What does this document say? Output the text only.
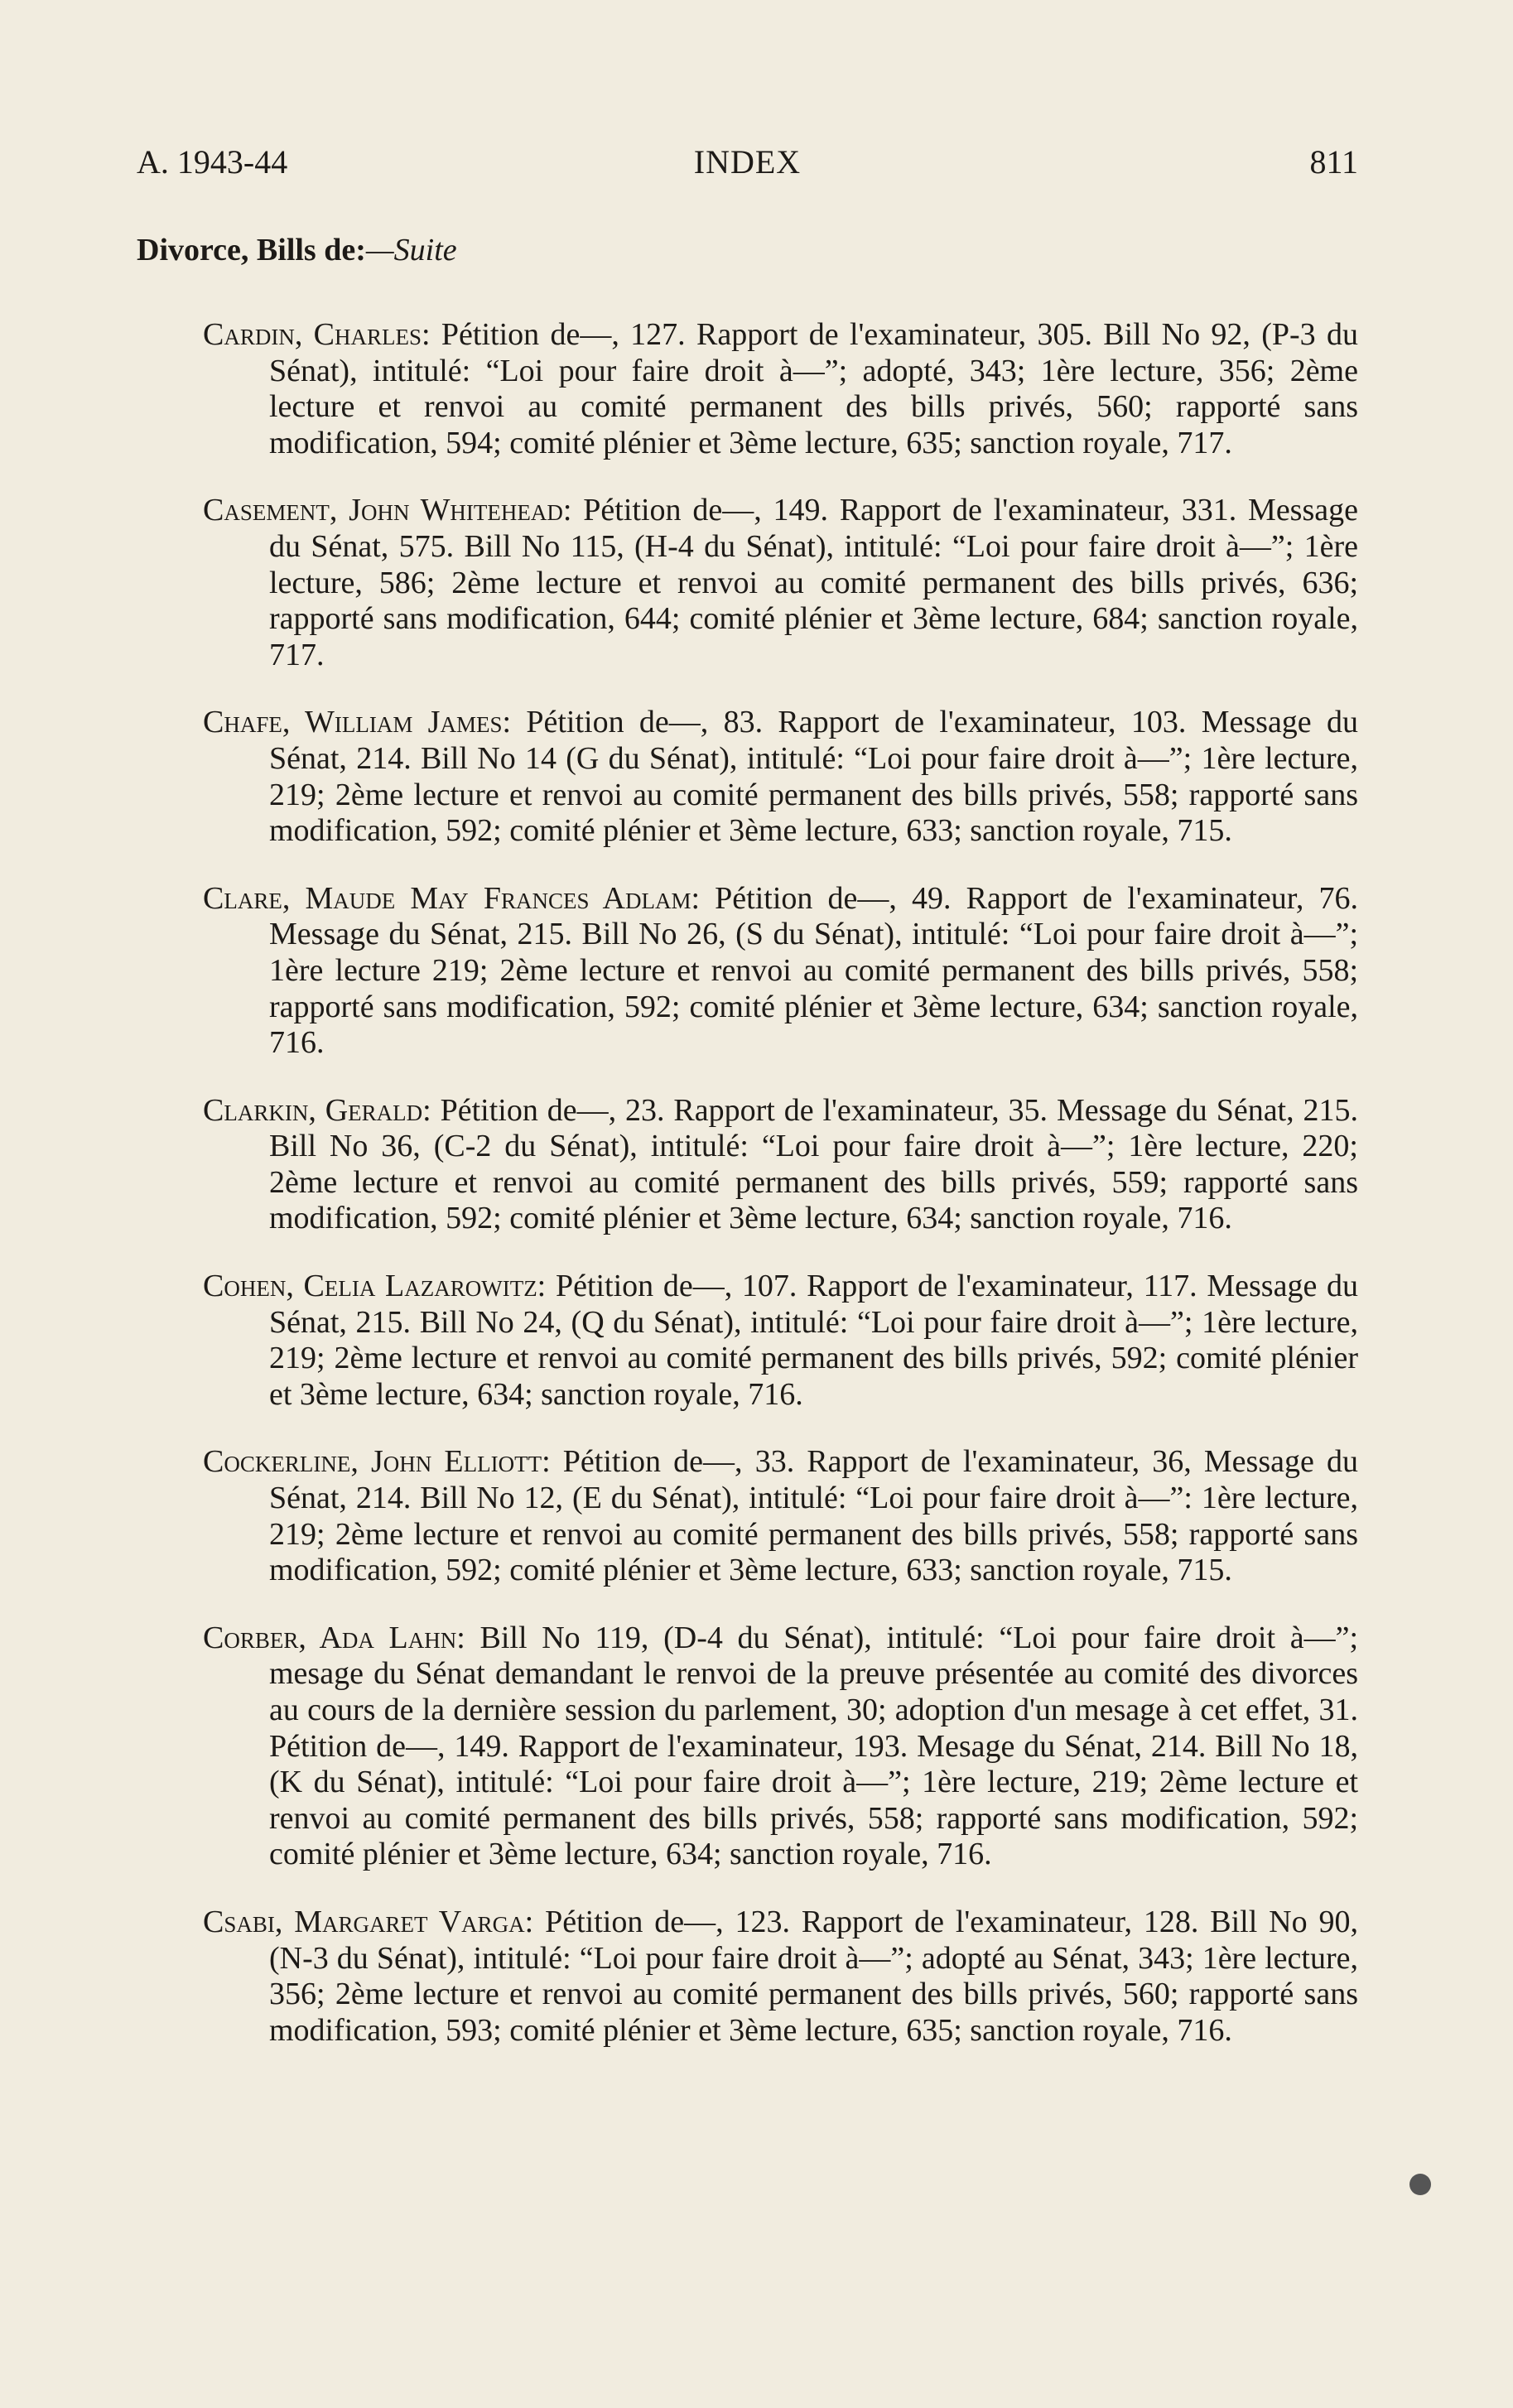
A. 1943-44	INDEX	811
Divorce, Bills de:—Suite

Cardin, Charles: Pétition de—, 127. Rapport de l'examinateur, 305. Bill No 92, (P-3 du Sénat), intitulé: “Loi pour faire droit à—”; adopté, 343; 1ère lecture, 356; 2ème lecture et renvoi au comité permanent des bills privés, 560; rapporté sans modification, 594; comité plénier et 3ème lecture, 635; sanction royale, 717.

Casement, John Whitehead: Pétition de—, 149. Rapport de l'examinateur, 331. Message du Sénat, 575. Bill No 115, (H-4 du Sénat), intitulé: “Loi pour faire droit à—”; 1ère lecture, 586; 2ème lecture et renvoi au comité permanent des bills privés, 636; rapporté sans modification, 644; comité plénier et 3ème lecture, 684; sanction royale, 717.

Chafe, William James: Pétition de—, 83. Rapport de l'examinateur, 103. Message du Sénat, 214. Bill No 14 (G du Sénat), intitulé: “Loi pour faire droit à—”; 1ère lecture, 219; 2ème lecture et renvoi au comité permanent des bills privés, 558; rapporté sans modification, 592; comité plénier et 3ème lecture, 633; sanction royale, 715.

Clare, Maude May Frances Adlam: Pétition de—, 49. Rapport de l'examinateur, 76. Message du Sénat, 215. Bill No 26, (S du Sénat), intitulé: “Loi pour faire droit à—”; 1ère lecture 219; 2ème lecture et renvoi au comité permanent des bills privés, 558; rapporté sans modification, 592; comité plénier et 3ème lecture, 634; sanction royale, 716.

Clarkin, Gerald: Pétition de—, 23. Rapport de l'examinateur, 35. Message du Sénat, 215. Bill No 36, (C-2 du Sénat), intitulé: “Loi pour faire droit à—”; 1ère lecture, 220; 2ème lecture et renvoi au comité permanent des bills privés, 559; rapporté sans modification, 592; comité plénier et 3ème lecture, 634; sanction royale, 716.

Cohen, Celia Lazarowitz: Pétition de—, 107. Rapport de l'examinateur, 117. Message du Sénat, 215. Bill No 24, (Q du Sénat), intitulé: “Loi pour faire droit à—”; 1ère lecture, 219; 2ème lecture et renvoi au comité permanent des bills privés, 592; comité plénier et 3ème lecture, 634; sanction royale, 716.

Cockerline, John Elliott: Pétition de—, 33. Rapport de l'examinateur, 36, Message du Sénat, 214. Bill No 12, (E du Sénat), intitulé: “Loi pour faire droit à—”: 1ère lecture, 219; 2ème lecture et renvoi au comité permanent des bills privés, 558; rapporté sans modification, 592; comité plénier et 3ème lecture, 633; sanction royale, 715.

Corber, Ada Lahn: Bill No 119, (D-4 du Sénat), intitulé: “Loi pour faire droit à—”; mesage du Sénat demandant le renvoi de la preuve présentée au comité des divorces au cours de la dernière session du parlement, 30; adoption d'un mesage à cet effet, 31. Pétition de—, 149. Rapport de l'examinateur, 193. Mesage du Sénat, 214. Bill No 18, (K du Sénat), intitulé: “Loi pour faire droit à—”; 1ère lecture, 219; 2ème lecture et renvoi au comité permanent des bills privés, 558; rapporté sans modification, 592; comité plénier et 3ème lecture, 634; sanction royale, 716.

Csabi, Margaret Varga: Pétition de—, 123. Rapport de l'examinateur, 128. Bill No 90, (N-3 du Sénat), intitulé: “Loi pour faire droit à—”; adopté au Sénat, 343; 1ère lecture, 356; 2ème lecture et renvoi au comité permanent des bills privés, 560; rapporté sans modification, 593; comité plénier et 3ème lecture, 635; sanction royale, 716.
